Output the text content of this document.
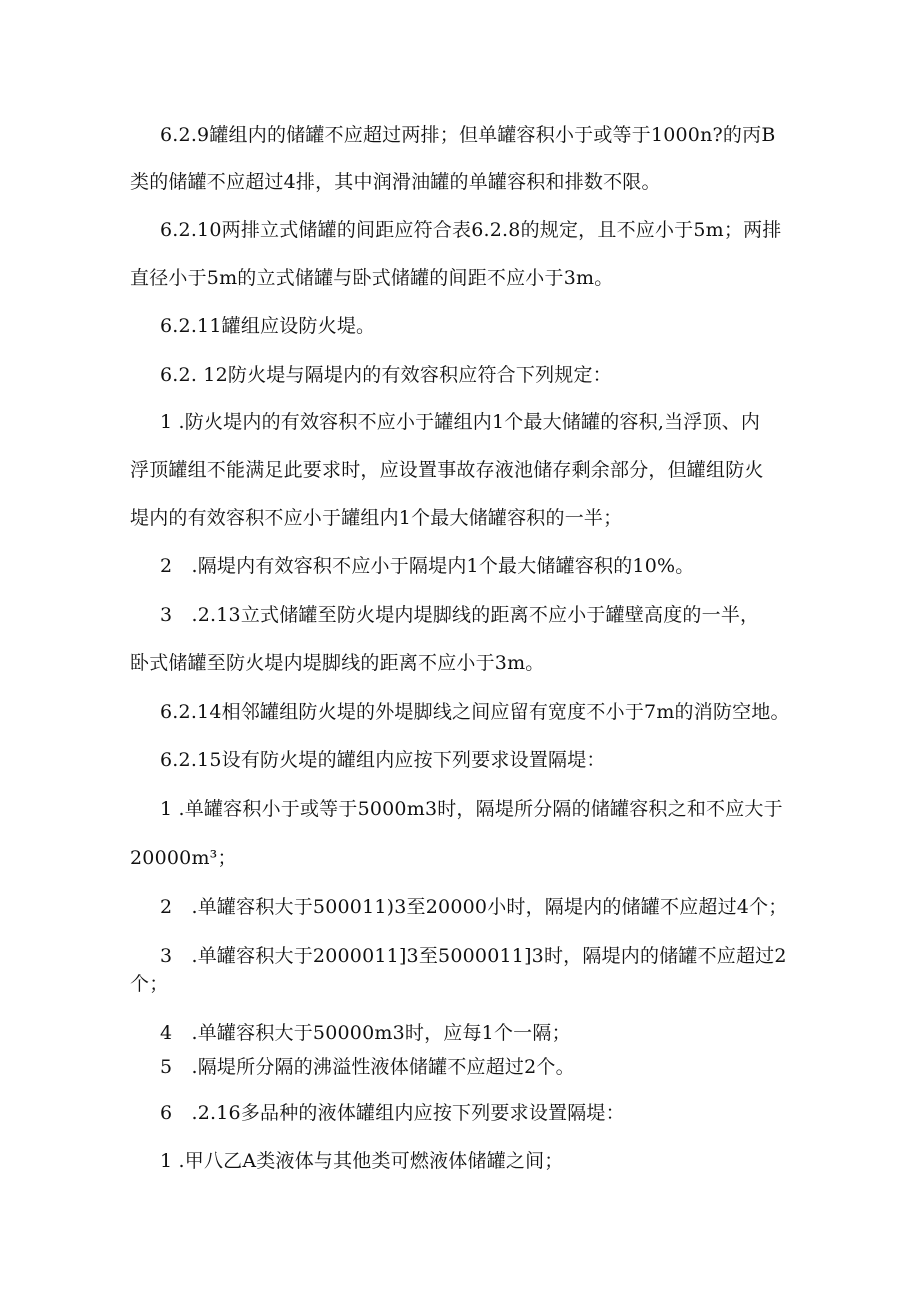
6.2.9罐组内的储罐不应超过两排；但单罐容积小于或等于1000n?的丙B
类的储罐不应超过4排，其中润滑油罐的单罐容积和排数不限。
6.2.10两排立式储罐的间距应符合表6.2.8的规定，且不应小于5m；两排
直径小于5m的立式储罐与卧式储罐的间距不应小于3m。
6.2.11罐组应设防火堤。
6.2. 12防火堤与隔堤内的有效容积应符合下列规定：
1 .防火堤内的有效容积不应小于罐组内1个最大储罐的容积,当浮顶、内
浮顶罐组不能满足此要求时，应设置事故存液池储存剩余部分，但罐组防火
堤内的有效容积不应小于罐组内1个最大储罐容积的一半；
2　.隔堤内有效容积不应小于隔堤内1个最大储罐容积的10%。
3　.2.13立式储罐至防火堤内堤脚线的距离不应小于罐壁高度的一半，
卧式储罐至防火堤内堤脚线的距离不应小于3m。
6.2.14相邻罐组防火堤的外堤脚线之间应留有宽度不小于7m的消防空地。
6.2.15设有防火堤的罐组内应按下列要求设置隔堤：
1 .单罐容积小于或等于5000m3时，隔堤所分隔的储罐容积之和不应大于
20000m³；
2　.单罐容积大于500011)3至20000小时，隔堤内的储罐不应超过4个；
3　.单罐容积大于2000011]3至5000011]3时，隔堤内的储罐不应超过2
个；
4　.单罐容积大于50000m3时，应每1个一隔；
5　.隔堤所分隔的沸溢性液体储罐不应超过2个。
6　.2.16多品种的液体罐组内应按下列要求设置隔堤：
1 .甲八乙A类液体与其他类可燃液体储罐之间；
